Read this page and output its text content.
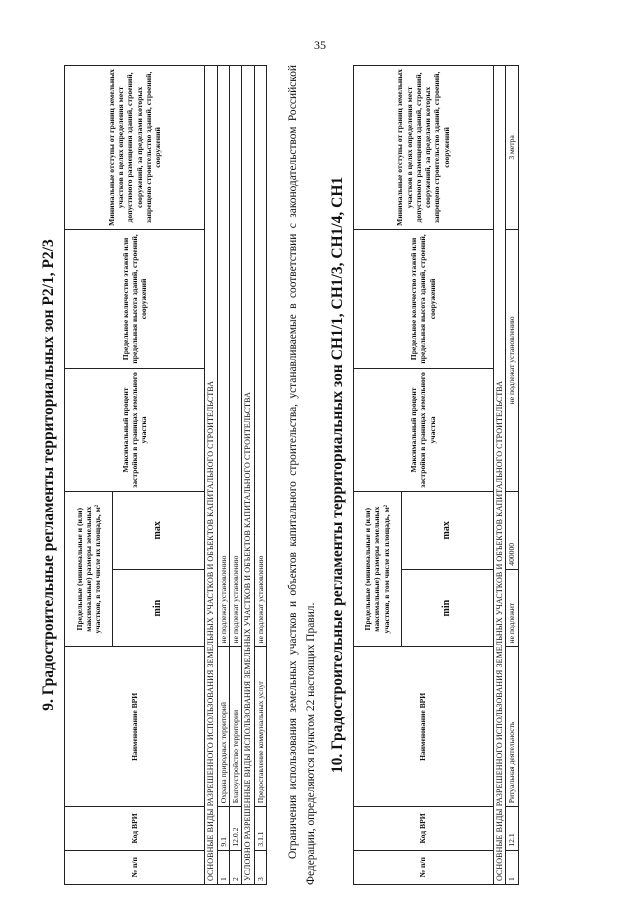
35
9. Градостроительные регламенты территориальных зон Р2/1, Р2/3
№ п/п	Код ВРИ	Наименование ВРИ	Предельные (минимальные и (или) максимальные) размеры земельных участков, в том числе их площадь, м²		Максимальный процент застройки в границах земельного участка	Предельное количество этажей или предельная высота зданий, строений, сооружений	Минимальные отступы от границ земельных участков в целях определения мест допустимого размещения зданий, строений, сооружений, за пределами которых запрещено строительство зданий, строений, сооружений
			min	max			
ОСНОВНЫЕ ВИДЫ РАЗРЕШЕННОГО ИСПОЛЬЗОВАНИЯ ЗЕМЕЛЬНЫХ УЧАСТКОВ И ОБЪЕКТОВ КАПИТАЛЬНОГО СТРОИТЕЛЬСТВА							
1	9.1	Охрана природных территорий	не подлежат установлению				
2	12.0.2	Благоустройство территории	не подлежат установлению				
УСЛОВНО РАЗРЕШЕННЫЕ ВИДЫ ИСПОЛЬЗОВАНИЯ ЗЕМЕЛЬНЫХ УЧАСТКОВ И ОБЪЕКТОВ КАПИТАЛЬНОГО СТРОИТЕЛЬСТВА							
3	3.1.1	Предоставление коммунальных услуг	не подлежат установлению				Ограничения использования земельных участков и объектов капитального строительства, устанавливаемые в соответствии с законодательством Российской Федерации, определяются пунктом 22 настоящих Правил. 10. Градостроительные регламенты территориальных зон СН1/1, СН1/3, СН1/4, СН1
№ п/п	Код ВРИ	Наименование ВРИ	Предельные (минимальные и (или) максимальные) размеры земельных участков, в том числе их площадь, м²		Максимальный процент застройки в границах земельного участка	Предельное количество этажей или предельная высота зданий, строений, сооружений	Минимальные отступы от границ земельных участков в целях определения мест допустимого размещения зданий, строений, сооружений, за пределами которых запрещено строительство зданий, строений, сооружений
			min	max			
ОСНОВНЫЕ ВИДЫ РАЗРЕШЕННОГО ИСПОЛЬЗОВАНИЯ ЗЕМЕЛЬНЫХ УЧАСТКОВ И ОБЪЕКТОВ КАПИТАЛЬНОГО СТРОИТЕЛЬСТВА							
1	12.1	Ритуальная деятельность	не подлежит	400000	не подлежат установлению		3 метра
